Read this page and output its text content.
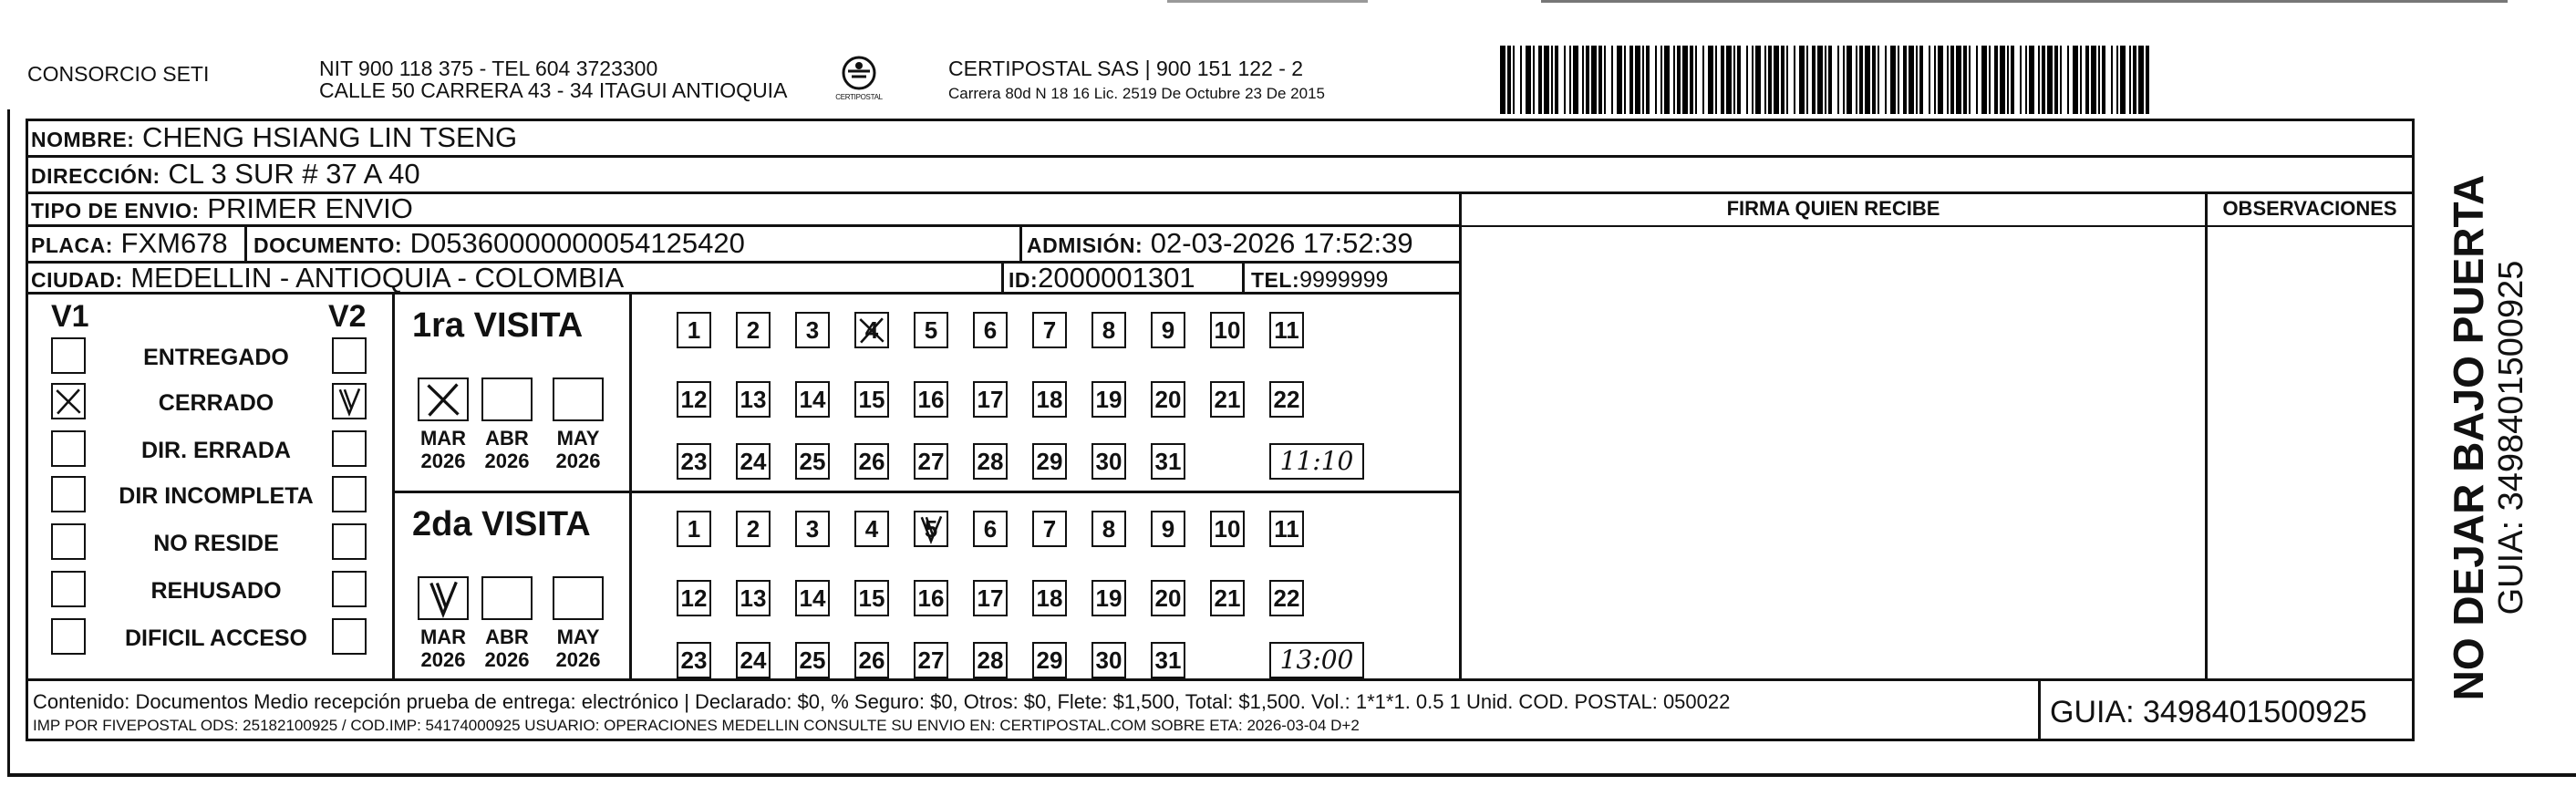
CONSORCIO SETI	NIT 900 118 375 - TEL 604 3723300
CALLE 50 CARRERA 43 - 34 ITAGUI ANTIOQUIA	CERTIPOSTAL
CERTIPOSTAL SAS | 900 151 122 - 2
Carrera 80d N 18 16 Lic. 2519 De Octubre 23 De 2015
NOMBRE: CHENG HSIANG LIN TSENG
DIRECCIÓN: CL 3 SUR # 37 A 40
TIPO DE ENVIO: PRIMER ENVIO
PLACA: FXM678 DOCUMENTO: D05360000000054125420	ADMISIÓN: 02-03-2026 17:52:39
CIUDAD: MEDELLIN - ANTIOQUIA - COLOMBIA	ID:2000001301	TEL:9999999
FIRMA QUIEN RECIBE	OBSERVACIONES
V1	V2
ENTREGADO
CERRADO
DIR. ERRADA
DIR INCOMPLETA
NO RESIDE
REHUSADO
DIFICIL ACCESO
1ra VISITA
MAR
2026
ABR
2026
MAY
2026
1	2	3	4	5	6	7	8	9	10 11
12 13 14 15 16 17 18 19 20 21 22
23 24 25 26 27 28 29 30 31	11:10
2da VISITA
MAR
2026
ABR
2026
MAY
2026
1	2	3	4	5	6	7	8	9	10 11
12 13 14 15 16 17 18 19 20 21 22
23 24 25 26 27 28 29 30 31	13:00
Contenido: Documentos Medio recepción prueba de entrega: electrónico | Declarado: $0, % Seguro: $0, Otros: $0, Flete: $1,500, Total: $1,500. Vol.: 1*1*1. 0.5 1 Unid. COD. POSTAL: 050022
IMP POR FIVEPOSTAL ODS: 25182100925 / COD.IMP: 54174000925 USUARIO: OPERACIONES MEDELLIN CONSULTE SU ENVIO EN: CERTIPOSTAL.COM SOBRE ETA: 2026-03-04 D+2	GUIA: 3498401500925
NO DEJAR BAJO PUERTA GUIA: 3498401500925
